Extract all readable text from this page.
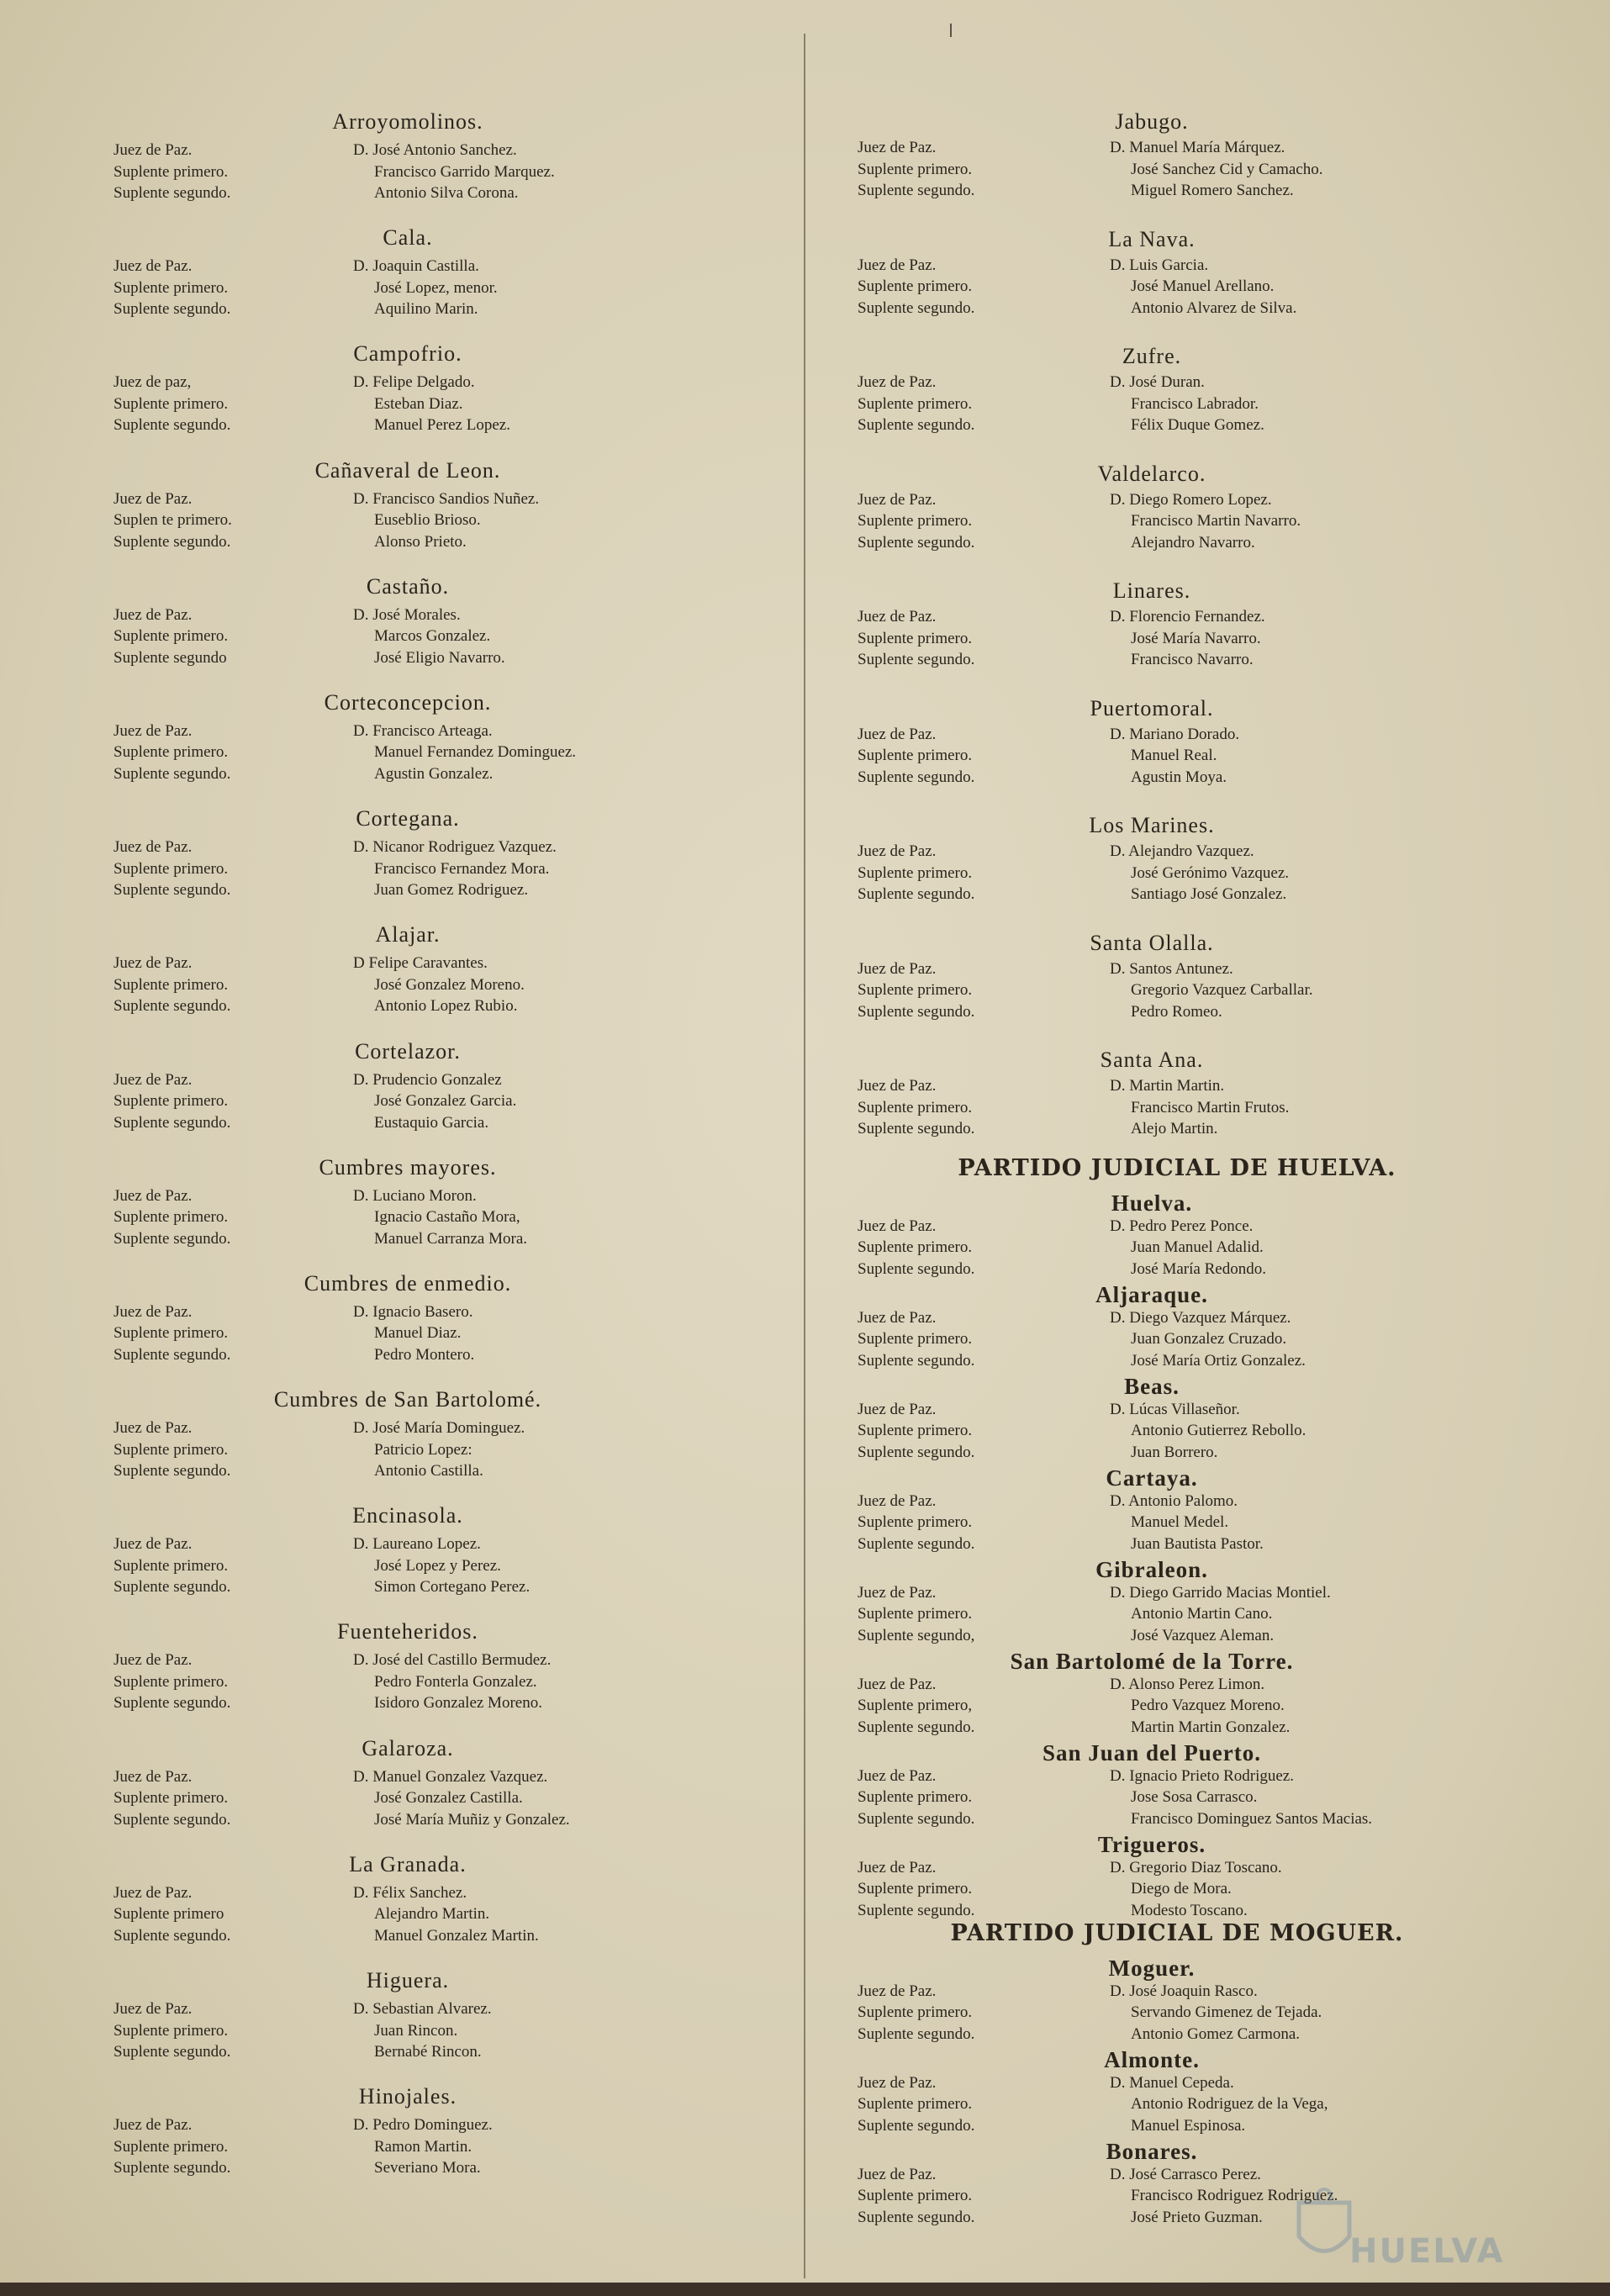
Arroyomolinos.
Juez de Paz.	D. José Antonio Sanchez.
Suplente primero.	Francisco Garrido Marquez.
Suplente segundo.	Antonio Silva Corona.
Cala.
Juez de Paz.	D. Joaquin Castilla.
Suplente primero.	José Lopez, menor.
Suplente segundo.	Aquilino Marin.
Campofrio.
Juez de paz,	D. Felipe Delgado.
Suplente primero.	Esteban Diaz.
Suplente segundo.	Manuel Perez Lopez.
Cañaveral de Leon.
Juez de Paz.	D. Francisco Sandios Nuñez.
Suplen te primero.	Euseblio Brioso.
Suplente segundo.	Alonso Prieto.
Castaño.
Juez de Paz.	D. José Morales.
Suplente primero.	Marcos Gonzalez.
Suplente segundo	José Eligio Navarro.
Corteconcepcion.
Juez de Paz.	D. Francisco Arteaga.
Suplente primero.	Manuel Fernandez Dominguez.
Suplente segundo.	Agustin Gonzalez.
Cortegana.
Juez de Paz.	D. Nicanor Rodriguez Vazquez.
Suplente primero.	Francisco Fernandez Mora.
Suplente segundo.	Juan Gomez Rodriguez.
Alajar.
Juez de Paz.	D Felipe Caravantes.
Suplente primero.	José Gonzalez Moreno.
Suplente segundo.	Antonio Lopez Rubio.
Cortelazor.
Juez de Paz.	D. Prudencio Gonzalez
Suplente primero.	José Gonzalez Garcia.
Suplente segundo.	Eustaquio Garcia.
Cumbres mayores.
Juez de Paz.	D. Luciano Moron.
Suplente primero.	Ignacio Castaño Mora,
Suplente segundo.	Manuel Carranza Mora.
Cumbres de enmedio.
Juez de Paz.	D. Ignacio Basero.
Suplente primero.	Manuel Diaz.
Suplente segundo.	Pedro Montero.
Cumbres de San Bartolomé.
Juez de Paz.	D. José María Dominguez.
Suplente primero.	Patricio Lopez:
Suplente segundo.	Antonio Castilla.
Encinasola.
Juez de Paz.	D. Laureano Lopez.
Suplente primero.	José Lopez y Perez.
Suplente segundo.	Simon Cortegano Perez.
Fuenteheridos.
Juez de Paz.	D. José del Castillo Bermudez.
Suplente primero.	Pedro Fonterla Gonzalez.
Suplente segundo.	Isidoro Gonzalez Moreno.
Galaroza.
Juez de Paz.	D. Manuel Gonzalez Vazquez.
Suplente primero.	José Gonzalez Castilla.
Suplente segundo.	José María Muñiz y Gonzalez.
La Granada.
Juez de Paz.	D. Félix Sanchez.
Suplente primero	Alejandro Martin.
Suplente segundo.	Manuel Gonzalez Martin.
Higuera.
Juez de Paz.	D. Sebastian Alvarez.
Suplente primero.	Juan Rincon.
Suplente segundo.	Bernabé Rincon.
Hinojales.
Juez de Paz.	D. Pedro Dominguez.
Suplente primero.	Ramon Martin.
Suplente segundo.	Severiano Mora.
Jabugo.
Juez de Paz.	D. Manuel María Márquez.
Suplente primero.	José Sanchez Cid y Camacho.
Suplente segundo.	Miguel Romero Sanchez.
La Nava.
Juez de Paz.	D. Luis Garcia.
Suplente primero.	José Manuel Arellano.
Suplente segundo.	Antonio Alvarez de Silva.
Zufre.
Juez de Paz.	D. José Duran.
Suplente primero.	Francisco Labrador.
Suplente segundo.	Félix Duque Gomez.
Valdelarco.
Juez de Paz.	D. Diego Romero Lopez.
Suplente primero.	Francisco Martin Navarro.
Suplente segundo.	Alejandro Navarro.
Linares.
Juez de Paz.	D. Florencio Fernandez.
Suplente primero.	José María Navarro.
Suplente segundo.	Francisco Navarro.
Puertomoral.
Juez de Paz.	D. Mariano Dorado.
Suplente primero.	Manuel Real.
Suplente segundo.	Agustin Moya.
Los Marines.
Juez de Paz.	D. Alejandro Vazquez.
Suplente primero.	José Gerónimo Vazquez.
Suplente segundo.	Santiago José Gonzalez.
Santa Olalla.
Juez de Paz.	D. Santos Antunez.
Suplente primero.	Gregorio Vazquez Carballar.
Suplente segundo.	Pedro Romeo.
Santa Ana.
Juez de Paz.	D. Martin Martin.
Suplente primero.	Francisco Martin Frutos.
Suplente segundo.	Alejo Martin.
PARTIDO JUDICIAL DE HUELVA.
Huelva.
Juez de Paz.	D. Pedro Perez Ponce.
Suplente primero.	Juan Manuel Adalid.
Suplente segundo.	José María Redondo.
Aljaraque.
Juez de Paz.	D. Diego Vazquez Márquez.
Suplente primero.	Juan Gonzalez Cruzado.
Suplente segundo.	José María Ortiz Gonzalez.
Beas.
Juez de Paz.	D. Lúcas Villaseñor.
Suplente primero.	Antonio Gutierrez Rebollo.
Suplente segundo.	Juan Borrero.
Cartaya.
Juez de Paz.	D. Antonio Palomo.
Suplente primero.	Manuel Medel.
Suplente segundo.	Juan Bautista Pastor.
Gibraleon.
Juez de Paz.	D. Diego Garrido Macias Montiel.
Suplente primero.	Antonio Martin Cano.
Suplente segundo,	José Vazquez Aleman.
San Bartolomé de la Torre.
Juez de Paz.	D. Alonso Perez Limon.
Suplente primero,	Pedro Vazquez Moreno.
Suplente segundo.	Martin Martin Gonzalez.
San Juan del Puerto.
Juez de Paz.	D. Ignacio Prieto Rodriguez.
Suplente primero.	Jose Sosa Carrasco.
Suplente segundo.	Francisco Dominguez Santos Macias.
Trigueros.
Juez de Paz.	D. Gregorio Diaz Toscano.
Suplente primero.	Diego de Mora.
Suplente segundo.	Modesto Toscano.
PARTIDO JUDICIAL DE MOGUER.
Moguer.
Juez de Paz.	D. José Joaquin Rasco.
Suplente primero.	Servando Gimenez de Tejada.
Suplente segundo.	Antonio Gomez Carmona.
Almonte.
Juez de Paz.	D. Manuel Cepeda.
Suplente primero.	Antonio Rodriguez de la Vega,
Suplente segundo.	Manuel Espinosa.
Bonares.
Juez de Paz.	D. José Carrasco Perez.
Suplente primero.	Francisco Rodriguez Rodriguez.
Suplente segundo.	José Prieto Guzman.
HUELVA
